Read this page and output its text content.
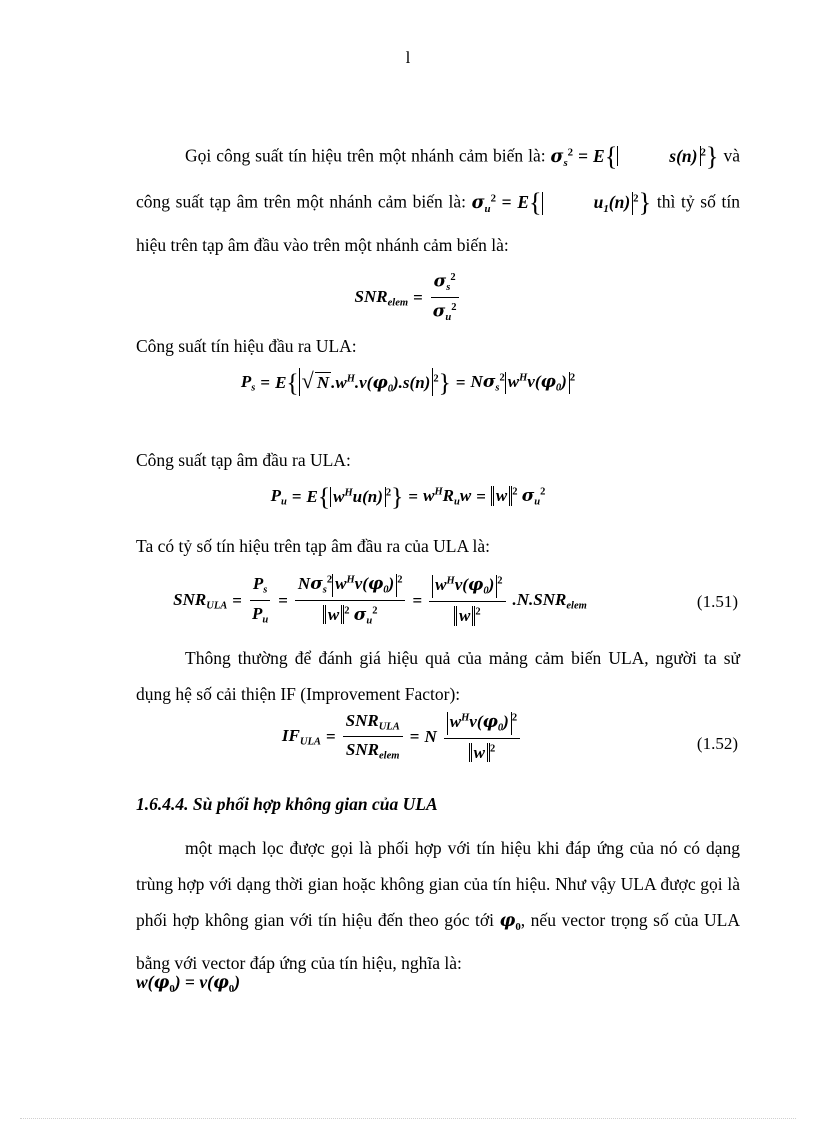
l
Gọi công suất tín hiệu trên một nhánh cảm biến là: $\sigma_s^2 = E${	s(n) $^2$} và công suất tạp âm trên một nhánh cảm biến là: $\sigma_u^2 = E${	$u_1(n)$ $^2$} thì tỷ số tín hiệu trên tạp âm đầu vào trên một nhánh cảm biến là:
$SNR_{elem} = \frac{\sigma_s^2}{\sigma_u^2}$
Công suất tín hiệu đầu ra ULA:
$P_s = E${ √ N $.w^H.v(\varphi_0).s(n) ^2\} = N\sigma_s^2$ $w^Hv(\varphi_0)$ $^2$
Công suất tạp âm đầu ra ULA:
$P_u = E${ $w^Hu(n) ^2\} = w^HR_uw = w$ $^2$ $\sigma_u^2$
Ta có tỷ số tín hiệu trên tạp âm đầu ra của ULA là:
$SNR_{ULA} = \frac{P_s}{P_u} = \frac{N\sigma_s^2 w^Hv(\varphi_0) ^2}{w ^2 \sigma_u^2} = \frac{w^Hv(\varphi_0) ^2}{w ^2} .N.SNR_{elem}$	(1.51)
Thông thường để đánh giá hiệu quả của mảng cảm biến ULA, người ta sử dụng hệ số cải thiện IF (Improvement Factor):
$IF_{ULA} = \frac{SNR_{ULA}}{SNR_{elem}} = N \frac{w^Hv(\varphi_0) ^2}{w ^2}$	(1.52)
1.6.4.4. Sù phối hợp không gian của ULA
một mạch lọc được gọi là phối hợp với tín hiệu khi đáp ứng của nó có dạng trùng hợp với dạng thời gian hoặc không gian của tín hiệu. Như vậy ULA được gọi là phối hợp không gian với tín hiệu đến theo góc tới $\varphi_0$, nếu vector trọng số của ULA bằng với vector đáp ứng của tín hiệu, nghĩa là:
$w(\varphi_0) = v(\varphi_0)$
